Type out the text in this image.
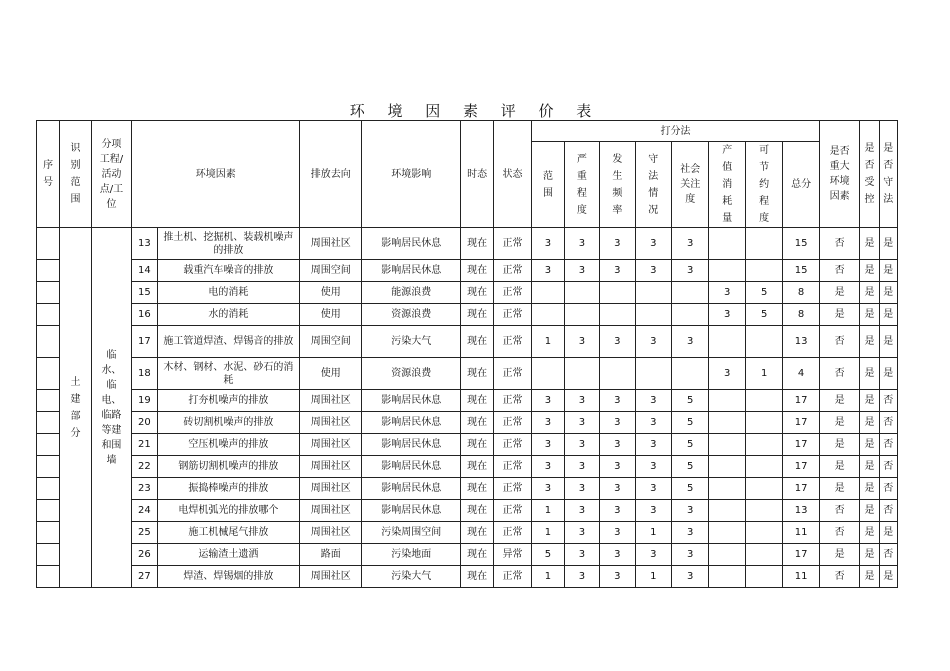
环 境 因 素 评 价 表
序号	识别范围	分项工程/活动点/工位	环境因素		排放去向	环境影响	时态	状态	打分法								是否重大环境因素	是否受控	是否守法
									范围	严重程度	发生频率	守法情况	社会关注度	产值消耗量	可节约程度	总分			
	土建部分	临水、临电、临路等建和围墙	13	推土机、挖掘机、装载机噪声的排放	周围社区	影响居民休息	现在	正常	3	3	3	3	3			15	否	是	是
			14	载重汽车噪音的排放	周围空间	影响居民休息	现在	正常	3	3	3	3	3			15	否	是	是
			15	电的消耗	使用	能源浪费	现在	正常						3	5	8	是	是	是
			16	水的消耗	使用	资源浪费	现在	正常						3	5	8	是	是	是
			17	施工管道焊渣、焊锡音的排放	周围空间	污染大气	现在	正常	1	3	3	3	3			13	否	是	是
			18	木材、钢材、水泥、砂石的消耗	使用	资源浪费	现在	正常						3	1	4	否	是	是
			19	打夯机噪声的排放	周围社区	影响居民休息	现在	正常	3	3	3	3	5			17	是	是	否
			20	砖切割机噪声的排放	周围社区	影响居民休息	现在	正常	3	3	3	3	5			17	是	是	否
			21	空压机噪声的排放	周围社区	影响居民休息	现在	正常	3	3	3	3	5			17	是	是	否
			22	钢筋切割机噪声的排放	周围社区	影响居民休息	现在	正常	3	3	3	3	5			17	是	是	否
			23	振捣棒噪声的排放	周围社区	影响居民休息	现在	正常	3	3	3	3	5			17	是	是	否
			24	电焊机弧光的排放哪个	周围社区	影响居民休息	现在	正常	1	3	3	3	3			13	否	是	否
			25	施工机械尾气排放	周围社区	污染周围空间	现在	正常	1	3	3	1	3			11	否	是	是
			26	运输渣土遗洒	路面	污染地面	现在	异常	5	3	3	3	3			17	是	是	否
			27	焊渣、焊锡烟的排放	周围社区	污染大气	现在	正常	1	3	3	1	3			11	否	是	是
